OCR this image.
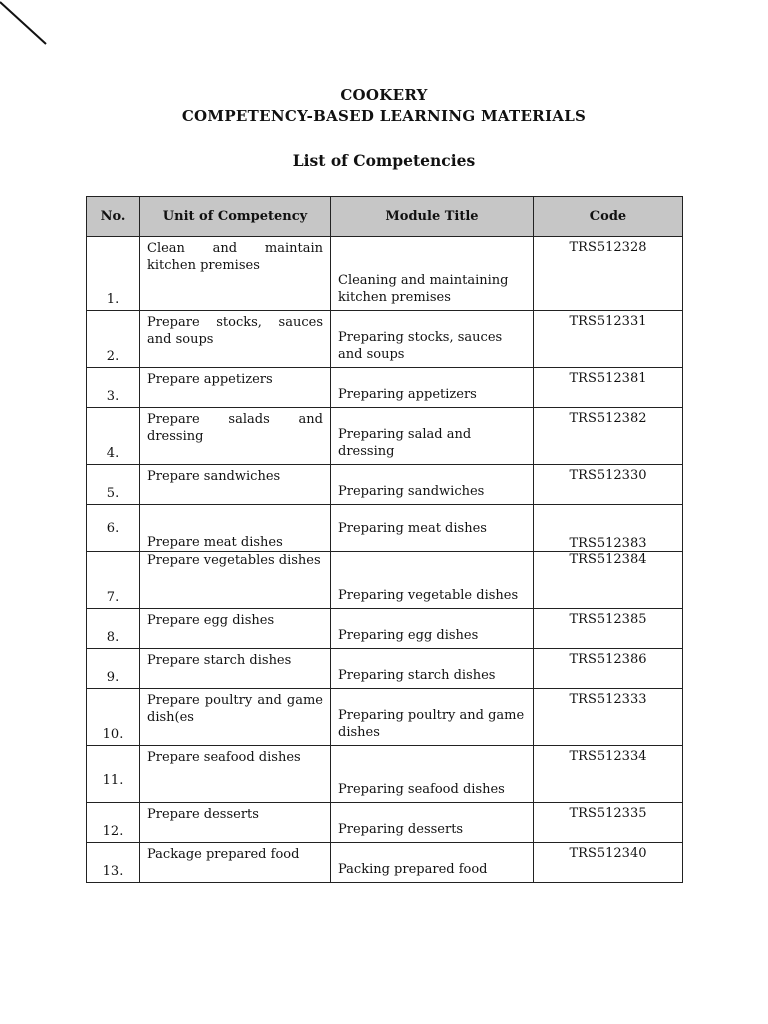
COOKERY
COMPETENCY-BASED LEARNING MATERIALS
List of Competencies
No.	Unit of Competency	Module Title	Code

1.	Clean and maintain kitchen premises	Cleaning and maintaining kitchen premises	TRS512328

2.	Prepare stocks, sauces and soups	Preparing stocks, sauces and soups	TRS512331

3.	Prepare appetizers	Preparing appetizers	TRS512381

4.	Prepare salads and dressing	Preparing salad and dressing	TRS512382

5.	Prepare sandwiches	Preparing sandwiches	TRS512330

6.	Prepare meat dishes	Preparing meat dishes	TRS512383

7.	Prepare vegetables dishes	Preparing vegetable dishes	TRS512384

8.	Prepare egg dishes	Preparing egg dishes	TRS512385

9.	Prepare starch dishes	Preparing starch dishes	TRS512386

10.	Prepare poultry and game dish(es	Preparing poultry and game dishes	TRS512333

11.	Prepare seafood dishes	Preparing seafood dishes	TRS512334

12.	Prepare desserts	Preparing desserts	TRS512335

13.	Package prepared food	Packing prepared food	TRS512340
